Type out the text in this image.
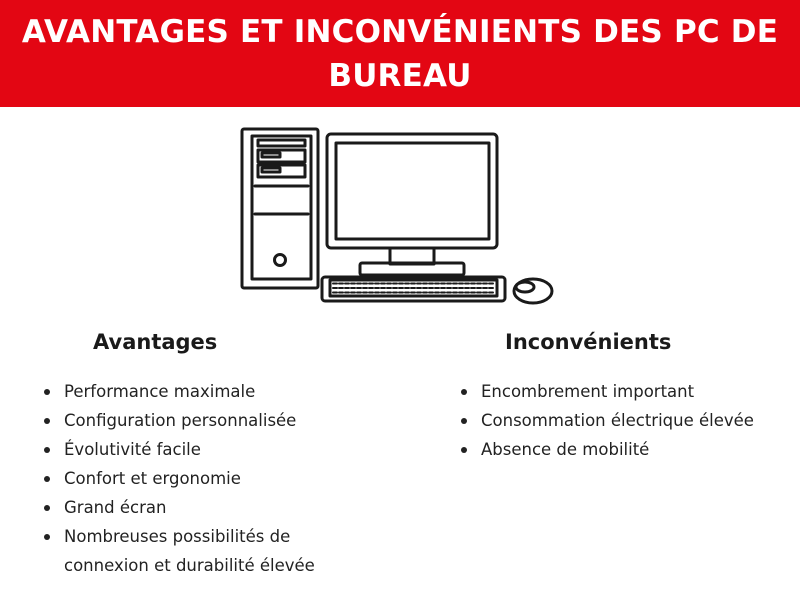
AVANTAGES ET INCONVÉNIENTS DES PC DE BUREAU
Avantages
Performance maximale
Configuration personnalisée
Évolutivité facile
Confort et ergonomie
Grand écran
Nombreuses possibilités de connexion et durabilité élevée
Inconvénients
Encombrement important
Consommation électrique élevée
Absence de mobilité
